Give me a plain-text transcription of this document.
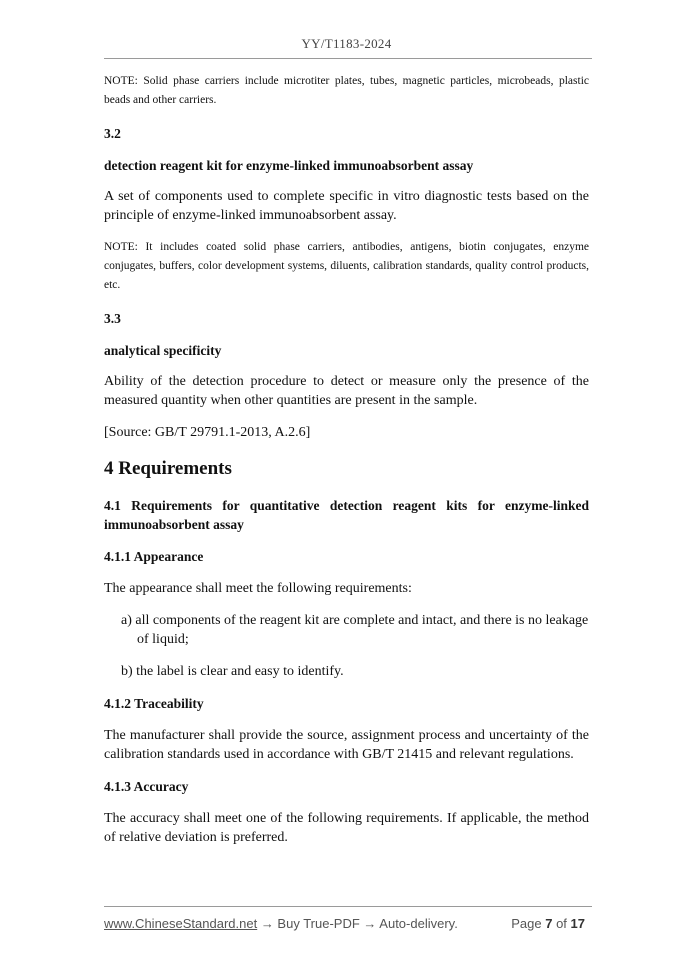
YY/T1183-2024

NOTE: Solid phase carriers include microtiter plates, tubes, magnetic particles, microbeads, plastic beads and other carriers.

3.2

detection reagent kit for enzyme-linked immunoabsorbent assay

A set of components used to complete specific in vitro diagnostic tests based on the principle of enzyme-linked immunoabsorbent assay.

NOTE: It includes coated solid phase carriers, antibodies, antigens, biotin conjugates, enzyme conjugates, buffers, color development systems, diluents, calibration standards, quality control products, etc.

3.3

analytical specificity

Ability of the detection procedure to detect or measure only the presence of the measured quantity when other quantities are present in the sample.

[Source: GB/T 29791.1-2013, A.2.6]

4 Requirements

4.1 Requirements for quantitative detection reagent kits for enzyme-linked immunoabsorbent assay

4.1.1 Appearance

The appearance shall meet the following requirements:

a) all components of the reagent kit are complete and intact, and there is no leakage of liquid;

b) the label is clear and easy to identify.

4.1.2 Traceability

The manufacturer shall provide the source, assignment process and uncertainty of the calibration standards used in accordance with GB/T 21415 and relevant regulations.

4.1.3 Accuracy

The accuracy shall meet one of the following requirements. If applicable, the method of relative deviation is preferred.

www.ChineseStandard.net → Buy True-PDF → Auto-delivery.	Page 7 of 17
